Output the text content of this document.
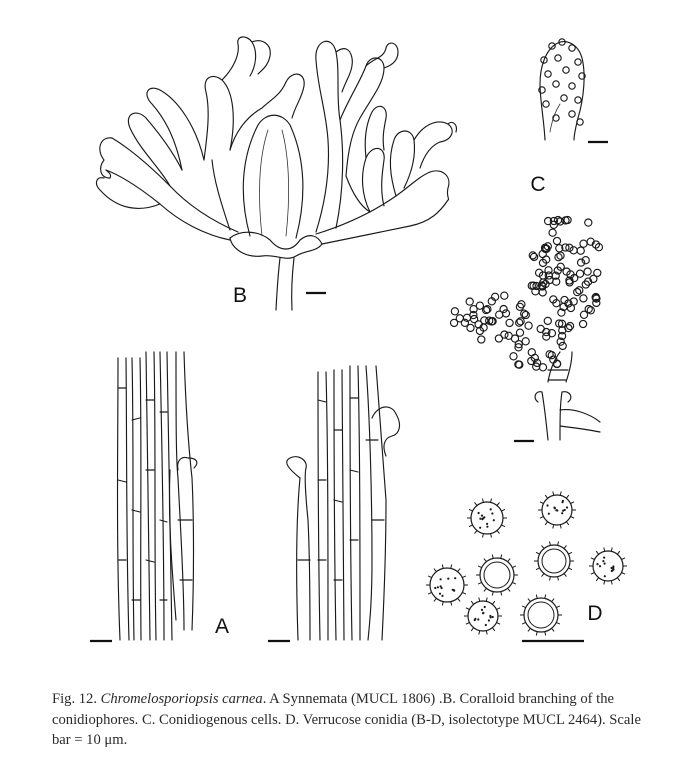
B
C
A
D
Fig. 12. Chromelosporiopsis carnea. A Synnemata (MUCL 1806) .B. Coralloid branching of the conidiophores. C. Conidiogenous cells. D. Verrucose conidia (B-D, isolectotype MUCL 2464). Scale bar = 10 μm.
